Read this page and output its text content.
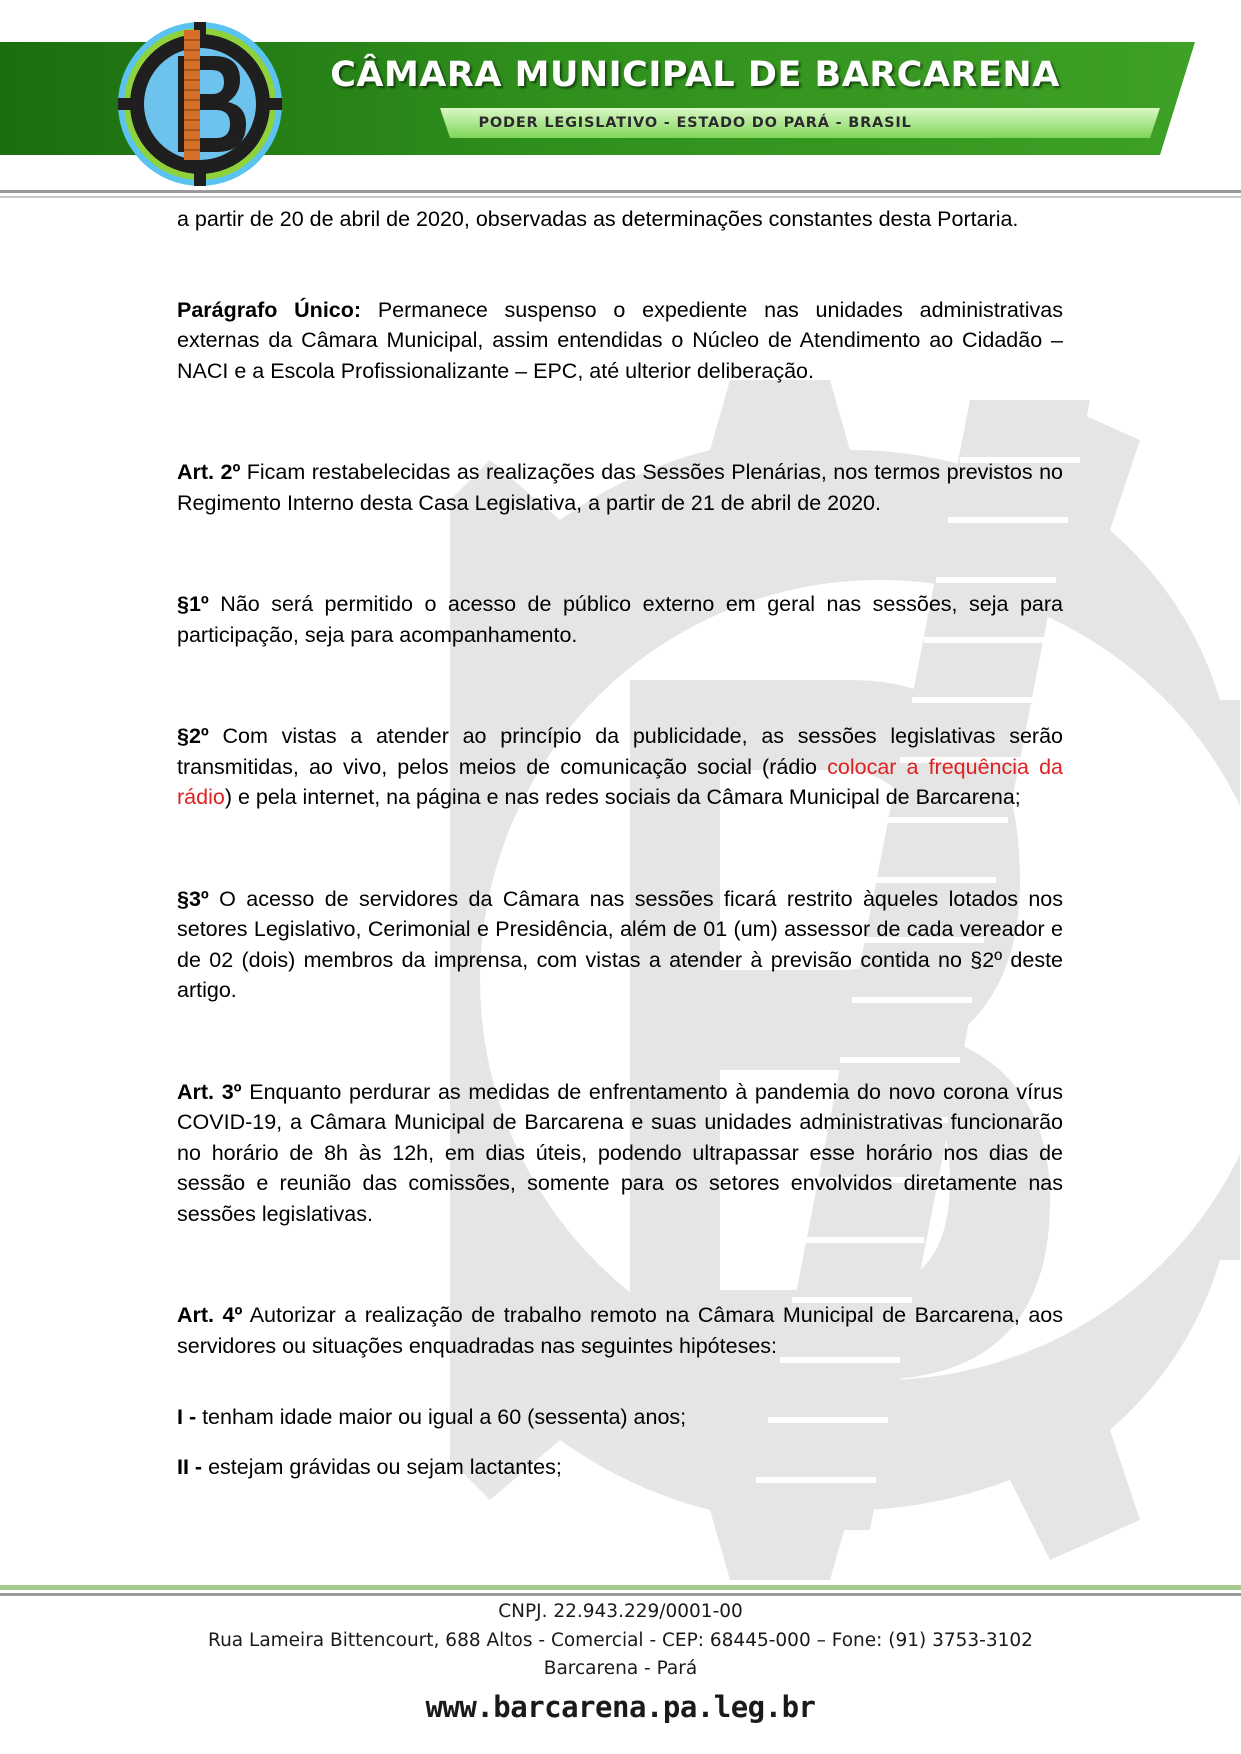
CÂMARA MUNICIPAL DE BARCARENA
PODER LEGISLATIVO - ESTADO DO PARÁ - BRASIL

a partir de 20 de abril de 2020, observadas as determinações constantes desta Portaria.

Parágrafo Único: Permanece suspenso o expediente nas unidades administrativas externas da Câmara Municipal, assim entendidas o Núcleo de Atendimento ao Cidadão – NACI e a Escola Profissionalizante – EPC, até ulterior deliberação.

Art. 2º Ficam restabelecidas as realizações das Sessões Plenárias, nos termos previstos no Regimento Interno desta Casa Legislativa, a partir de 21 de abril de 2020.

§1º Não será permitido o acesso de público externo em geral nas sessões, seja para participação, seja para acompanhamento.

§2º Com vistas a atender ao princípio da publicidade, as sessões legislativas serão transmitidas, ao vivo, pelos meios de comunicação social (rádio colocar a frequência da rádio) e pela internet, na página e nas redes sociais da Câmara Municipal de Barcarena;

§3º O acesso de servidores da Câmara nas sessões ficará restrito àqueles lotados nos setores Legislativo, Cerimonial e Presidência, além de 01 (um) assessor de cada vereador e de 02 (dois) membros da imprensa, com vistas a atender à previsão contida no §2º deste artigo.

Art. 3º Enquanto perdurar as medidas de enfrentamento à pandemia do novo corona vírus COVID-19, a Câmara Municipal de Barcarena e suas unidades administrativas funcionarão no horário de 8h às 12h, em dias úteis, podendo ultrapassar esse horário nos dias de sessão e reunião das comissões, somente para os setores envolvidos diretamente nas sessões legislativas.

Art. 4º Autorizar a realização de trabalho remoto na Câmara Municipal de Barcarena, aos servidores ou situações enquadradas nas seguintes hipóteses:

I - tenham idade maior ou igual a 60 (sessenta) anos;

II - estejam grávidas ou sejam lactantes;

CNPJ. 22.943.229/0001-00
Rua Lameira Bittencourt, 688 Altos - Comercial - CEP: 68445-000 – Fone: (91) 3753-3102
Barcarena - Pará
www.barcarena.pa.leg.br
